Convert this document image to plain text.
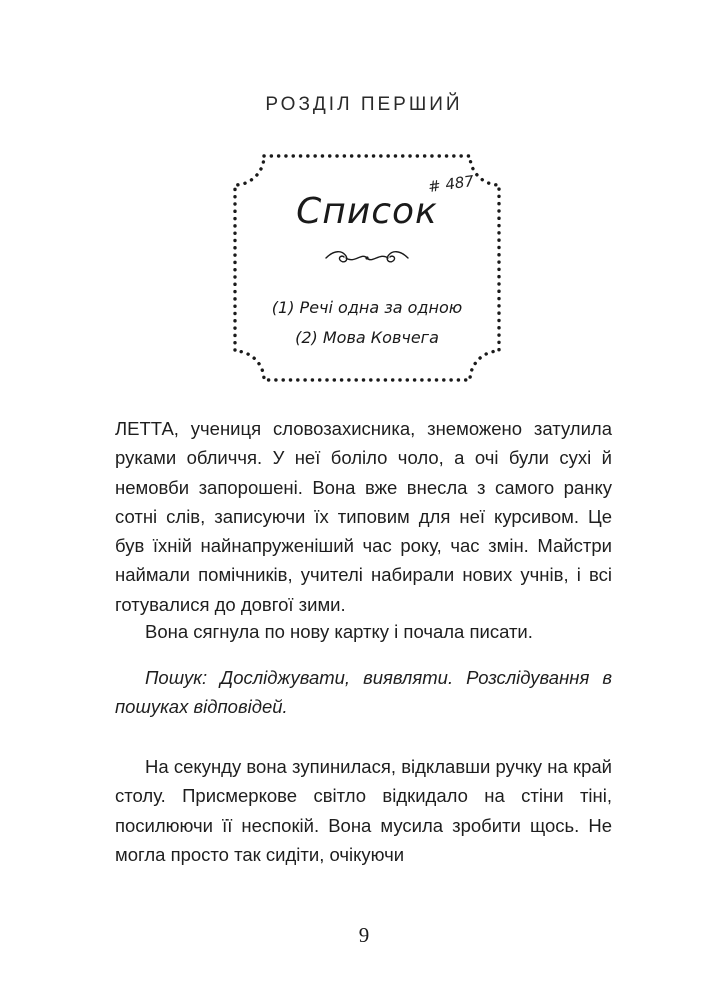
РОЗДІЛ ПЕРШИЙ
# 487
Список
(1) Речі одна за одною
(2) Мова Ковчега
ЛЕТТА, учениця словозахисника, знеможено затулила руками обличчя. У неї боліло чоло, а очі були сухі й немовби запорошені. Вона вже внесла з самого ранку сотні слів, записуючи їх типовим для неї курсивом. Це був їхній найнапруженіший час року, час змін. Майстри наймали помічників, учителі набирали нових учнів, і всі готувалися до довгої зими.
Вона сягнула по нову картку і почала писати.
Пошук: Досліджувати, виявляти. Розслідування в пошуках відповідей.
На секунду вона зупинилася, відклавши ручку на край столу. Присмеркове світло відкидало на стіни тіні, посилюючи її неспокій. Вона мусила зробити щось. Не могла просто так сидіти, очікуючи
9
